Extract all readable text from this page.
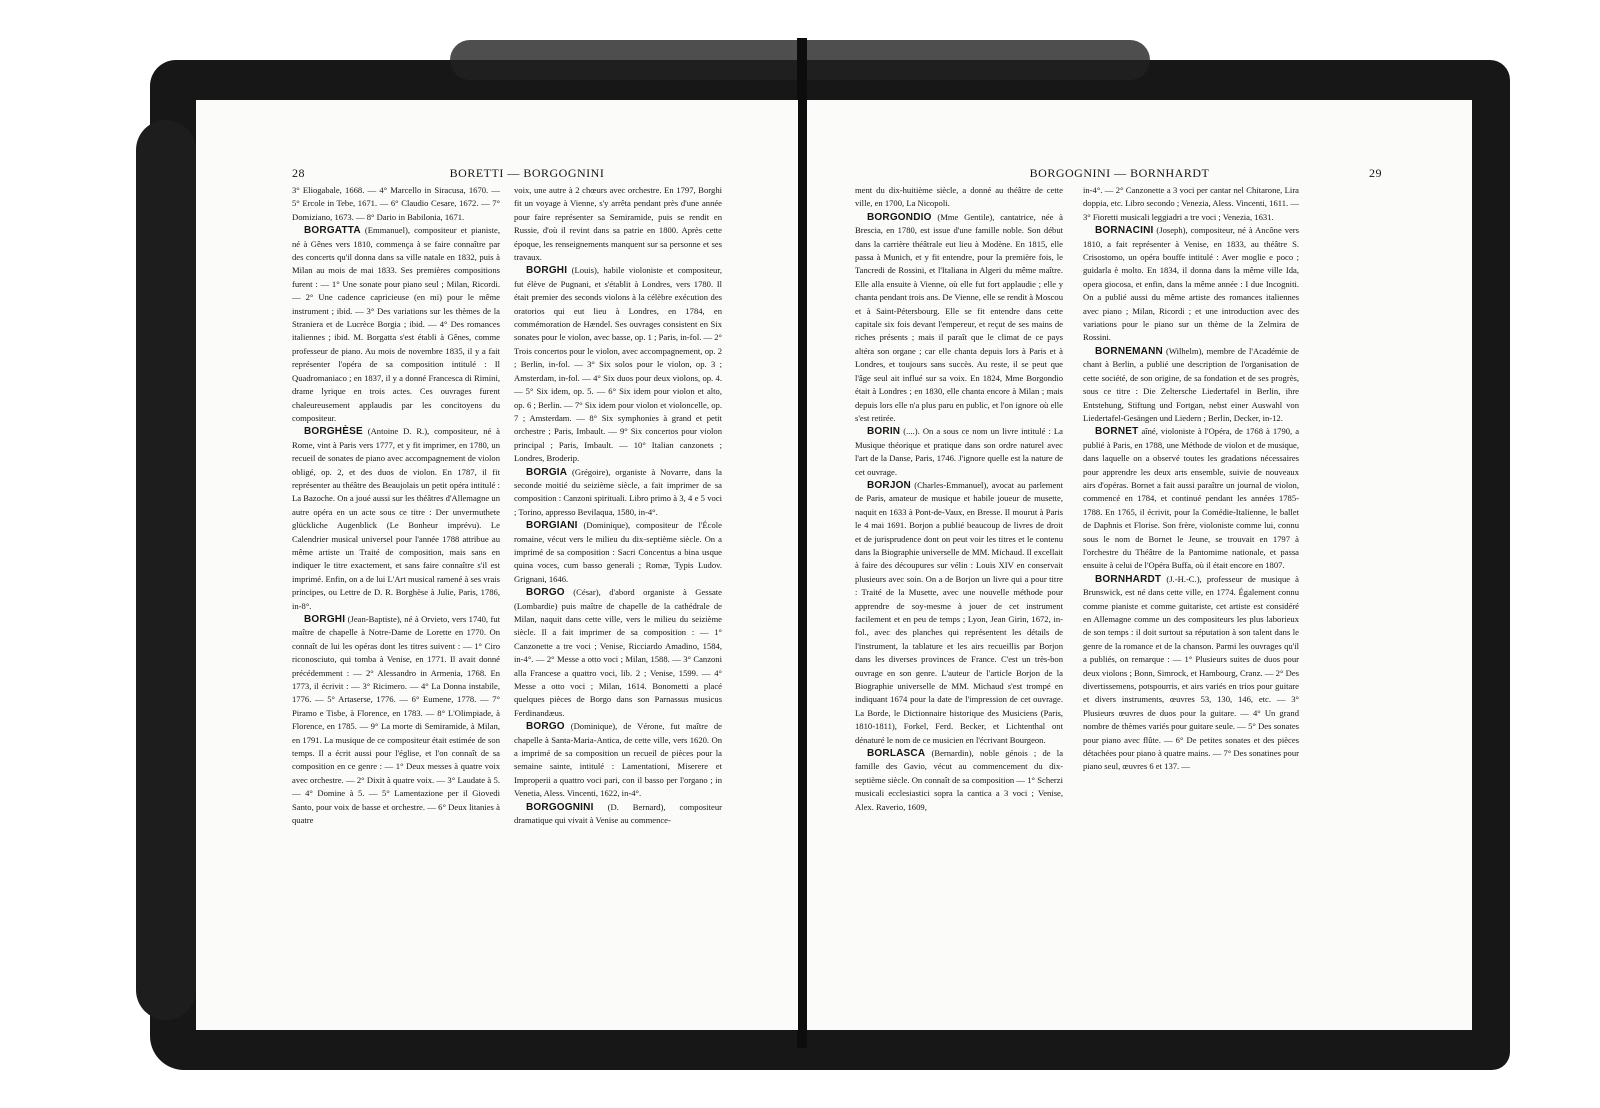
28	BORETTI — BORGOGNINI

3° Eliogabale, 1668. — 4° Marcello in Siracusa, 1670. — 5° Ercole in Tebe, 1671. — 6° Claudio Cesare, 1672. — 7° Domiziano, 1673. — 8° Dario in Babilonia, 1671.

BORGATTA (Emmanuel), compositeur et pianiste, né à Gênes vers 1810, commença à se faire connaître par des concerts qu'il donna dans sa ville natale en 1832, puis à Milan au mois de mai 1833. Ses premières compositions furent : — 1° Une sonate pour piano seul ; Milan, Ricordi. — 2° Une cadence capricieuse (en mi) pour le même instrument ; ibid. — 3° Des variations sur les thèmes de la Straniera et de Lucrèce Borgia ; ibid. — 4° Des romances italiennes ; ibid. M. Borgatta s'est établi à Gênes, comme professeur de piano. Au mois de novembre 1835, il y a fait représenter l'opéra de sa composition intitulé : Il Quadromaniaco ; en 1837, il y a donné Francesca di Rimini, drame lyrique en trois actes. Ces ouvrages furent chaleureusement applaudis par les concitoyens du compositeur.

BORGHÈSE (Antoine D. R.), compositeur, né à Rome, vint à Paris vers 1777, et y fit imprimer, en 1780, un recueil de sonates de piano avec accompagnement de violon obligé, op. 2, et des duos de violon. En 1787, il fit représenter au théâtre des Beaujolais un petit opéra intitulé : La Bazoche. On a joué aussi sur les théâtres d'Allemagne un autre opéra en un acte sous ce titre : Der unvermuthete glückliche Augenblick (Le Bonheur imprévu). Le Calendrier musical universel pour l'année 1788 attribue au même artiste un Traité de composition, mais sans en indiquer le titre exactement, et sans faire connaître s'il est imprimé. Enfin, on a de lui L'Art musical ramené à ses vrais principes, ou Lettre de D. R. Borghèse à Julie, Paris, 1786, in-8°.

BORGHI (Jean-Baptiste), né à Orvieto, vers 1740, fut maître de chapelle à Notre-Dame de Lorette en 1770. On connaît de lui les opéras dont les titres suivent : — 1° Ciro riconosciuto, qui tomba à Venise, en 1771. Il avait donné précédemment : — 2° Alessandro in Armenia, 1768. En 1773, il écrivit : — 3° Ricimero. — 4° La Donna instabile, 1776. — 5° Artaserse, 1776. — 6° Eumene, 1778. — 7° Piramo e Tisbe, à Florence, en 1783. — 8° L'Olimpiade, à Florence, en 1785. — 9° La morte di Semiramide, à Milan, en 1791. La musique de ce compositeur était estimée de son temps. Il a écrit aussi pour l'église, et l'on connaît de sa composition en ce genre : — 1° Deux messes à quatre voix avec orchestre. — 2° Dixit à quatre voix. — 3° Laudate à 5. — 4° Domine à 5. — 5° Lamentazione per il Giovedi Santo, pour voix de basse et orchestre. — 6° Deux litanies à quatre

voix, une autre à 2 chœurs avec orchestre. En 1797, Borghi fit un voyage à Vienne, s'y arrêta pendant près d'une année pour faire représenter sa Semiramide, puis se rendit en Russie, d'où il revint dans sa patrie en 1800. Après cette époque, les renseignements manquent sur sa personne et ses travaux.

BORGHI (Louis), habile violoniste et compositeur, fut élève de Pugnani, et s'établit à Londres, vers 1780. Il était premier des seconds violons à la célèbre exécution des oratorios qui eut lieu à Londres, en 1784, en commémoration de Hændel. Ses ouvrages consistent en Six sonates pour le violon, avec basse, op. 1 ; Paris, in-fol. — 2° Trois concertos pour le violon, avec accompagnement, op. 2 ; Berlin, in-fol. — 3° Six solos pour le violon, op. 3 ; Amsterdam, in-fol. — 4° Six duos pour deux violons, op. 4. — 5° Six idem, op. 5. — 6° Six idem pour violon et alto, op. 6 ; Berlin. — 7° Six idem pour violon et violoncelle, op. 7 ; Amsterdam. — 8° Six symphonies à grand et petit orchestre ; Paris, Imbault. — 9° Six concertos pour violon principal ; Paris, Imbault. — 10° Italian canzonets ; Londres, Broderip.

BORGIA (Grégoire), organiste à Novarre, dans la seconde moitié du seizième siècle, a fait imprimer de sa composition : Canzoni spirituali. Libro primo à 3, 4 e 5 voci ; Torino, appresso Bevilaqua, 1580, in-4°.

BORGIANI (Dominique), compositeur de l'École romaine, vécut vers le milieu du dix-septième siècle. On a imprimé de sa composition : Sacri Concentus a bina usque quina voces, cum basso generali ; Romæ, Typis Ludov. Grignani, 1646.

BORGO (César), d'abord organiste à Gessate (Lombardie) puis maître de chapelle de la cathédrale de Milan, naquit dans cette ville, vers le milieu du seizième siècle. Il a fait imprimer de sa composition : — 1° Canzonette a tre voci ; Venise, Ricciardo Amadino, 1584, in-4°. — 2° Messe a otto voci ; Milan, 1588. — 3° Canzoni alla Francese a quattro voci, lib. 2 ; Venise, 1599. — 4° Messe a otto voci ; Milan, 1614. Bonometti a placé quelques pièces de Borgo dans son Parnassus musicus Ferdinandæus.

BORGO (Dominique), de Vérone, fut maître de chapelle à Santa-Maria-Antica, de cette ville, vers 1620. On a imprimé de sa composition un recueil de pièces pour la semaine sainte, intitulé : Lamentationi, Miserere et Improperii a quattro voci pari, con il basso per l'organo ; in Venetia, Aless. Vincenti, 1622, in-4°.

BORGOGNINI (D. Bernard), compositeur dramatique qui vivait à Venise au commence-

BORGOGNINI — BORNHARDT	29

ment du dix-huitième siècle, a donné au théâtre de cette ville, en 1700, La Nicopoli.

BORGONDIO (Mme Gentile), cantatrice, née à Brescia, en 1780, est issue d'une famille noble. Son début dans la carrière théâtrale eut lieu à Modène. En 1815, elle passa à Munich, et y fit entendre, pour la première fois, le Tancredi de Rossini, et l'Italiana in Algeri du même maître. Elle alla ensuite à Vienne, où elle fut fort applaudie ; elle y chanta pendant trois ans. De Vienne, elle se rendit à Moscou et à Saint-Pétersbourg. Elle se fit entendre dans cette capitale six fois devant l'empereur, et reçut de ses mains de riches présents ; mais il paraît que le climat de ce pays altéra son organe ; car elle chanta depuis lors à Paris et à Londres, et toujours sans succès. Au reste, il se peut que l'âge seul ait influé sur sa voix. En 1824, Mme Borgondio était à Londres ; en 1830, elle chanta encore à Milan ; mais depuis lors elle n'a plus paru en public, et l'on ignore où elle s'est retirée.

BORIN (....). On a sous ce nom un livre intitulé : La Musique théorique et pratique dans son ordre naturel avec l'art de la Danse, Paris, 1746. J'ignore quelle est la nature de cet ouvrage.

BORJON (Charles-Emmanuel), avocat au parlement de Paris, amateur de musique et habile joueur de musette, naquit en 1633 à Pont-de-Vaux, en Bresse. Il mourut à Paris le 4 mai 1691. Borjon a publié beaucoup de livres de droit et de jurisprudence dont on peut voir les titres et le contenu dans la Biographie universelle de MM. Michaud. Il excellait à faire des découpures sur vélin : Louis XIV en conservait plusieurs avec soin. On a de Borjon un livre qui a pour titre : Traité de la Musette, avec une nouvelle méthode pour apprendre de soy-mesme à jouer de cet instrument facilement et en peu de temps ; Lyon, Jean Girin, 1672, in-fol., avec des planches qui représentent les détails de l'instrument, la tablature et les airs recueillis par Borjon dans les diverses provinces de France. C'est un très-bon ouvrage en son genre. L'auteur de l'article Borjon de la Biographie universelle de MM. Michaud s'est trompé en indiquant 1674 pour la date de l'impression de cet ouvrage. La Borde, le Dictionnaire historique des Musiciens (Paris, 1810-1811), Forkel, Ferd. Becker, et Lichtenthal ont dénaturé le nom de ce musicien en l'écrivant Bourgeon.

BORLASCA (Bernardin), noble génois ; de la famille des Gavio, vécut au commencement du dix-septième siècle. On connaît de sa composition — 1° Scherzi musicali ecclesiastici sopra la cantica a 3 voci ; Venise, Alex. Raverio, 1609,

in-4°. — 2° Canzonette a 3 voci per cantar nel Chitarone, Lira doppia, etc. Libro secondo ; Venezia, Aless. Vincenti, 1611. — 3° Fioretti musicali leggiadri a tre voci ; Venezia, 1631.

BORNACINI (Joseph), compositeur, né à Ancône vers 1810, a fait représenter à Venise, en 1833, au théâtre S. Crisostomo, un opéra bouffe intitulé : Aver moglie e poco ; guidarla è molto. En 1834, il donna dans la même ville Ida, opera giocosa, et enfin, dans la même année : I due Incogniti. On a publié aussi du même artiste des romances italiennes avec piano ; Milan, Ricordi ; et une introduction avec des variations pour le piano sur un thème de la Zelmira de Rossini.

BORNEMANN (Wilhelm), membre de l'Académie de chant à Berlin, a publié une description de l'organisation de cette société, de son origine, de sa fondation et de ses progrès, sous ce titre : Die Zeltersche Liedertafel in Berlin, ihre Entstehung, Stiftung und Fortgan, nebst einer Auswahl von Liedertafel-Gesängen und Liedern ; Berlin, Decker, in-12.

BORNET aîné, violoniste à l'Opéra, de 1768 à 1790, a publié à Paris, en 1788, une Méthode de violon et de musique, dans laquelle on a observé toutes les gradations nécessaires pour apprendre les deux arts ensemble, suivie de nouveaux airs d'opéras. Bornet a fait aussi paraître un journal de violon, commencé en 1784, et continué pendant les années 1785-1788. En 1765, il écrivit, pour la Comédie-Italienne, le ballet de Daphnis et Florise. Son frère, violoniste comme lui, connu sous le nom de Bornet le Jeune, se trouvait en 1797 à l'orchestre du Théâtre de la Pantomime nationale, et passa ensuite à celui de l'Opéra Buffa, où il était encore en 1807.

BORNHARDT (J.-H.-C.), professeur de musique à Brunswick, est né dans cette ville, en 1774. Également connu comme pianiste et comme guitariste, cet artiste est considéré en Allemagne comme un des compositeurs les plus laborieux de son temps : il doit surtout sa réputation à son talent dans le genre de la romance et de la chanson. Parmi les ouvrages qu'il a publiés, on remarque : — 1° Plusieurs suites de duos pour deux violons ; Bonn, Simrock, et Hambourg, Cranz. — 2° Des divertissemens, potspourris, et airs variés en trios pour guitare et divers instruments, œuvres 53, 130, 146, etc. — 3° Plusieurs œuvres de duos pour la guitare. — 4° Un grand nombre de thèmes variés pour guitare seule. — 5° Des sonates pour piano avec flûte. — 6° De petites sonates et des pièces détachées pour piano à quatre mains. — 7° Des sonatines pour piano seul, œuvres 6 et 137. —
